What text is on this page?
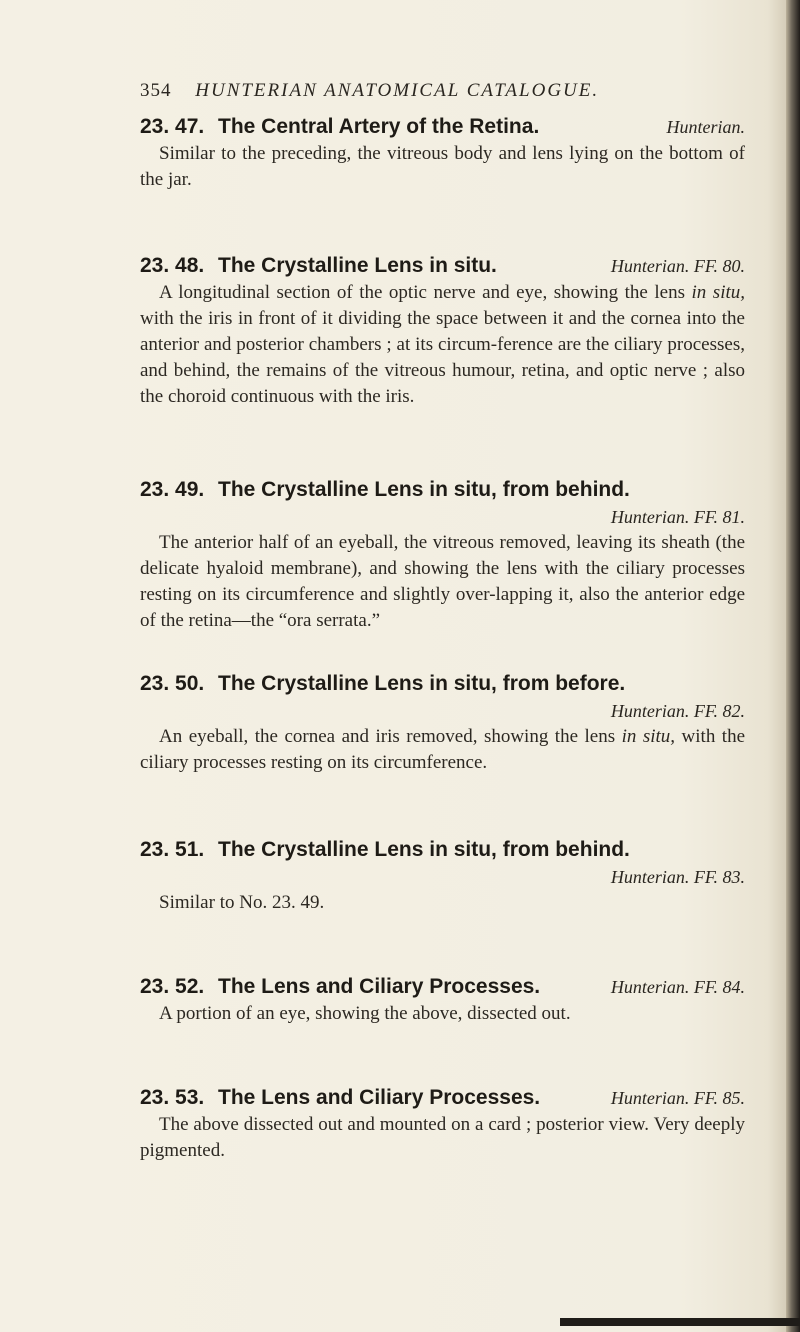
354 HUNTERIAN ANATOMICAL CATALOGUE.
23. 47. The Central Artery of the Retina.	Hunterian.
Similar to the preceding, the vitreous body and lens lying on the bottom of the jar.
23. 48. The Crystalline Lens in situ.	Hunterian. FF. 80.
A longitudinal section of the optic nerve and eye, showing the lens in situ, with the iris in front of it dividing the space between it and the cornea into the anterior and posterior chambers ; at its circum-ference are the ciliary processes, and behind, the remains of the vitreous humour, retina, and optic nerve ; also the choroid continuous with the iris.
23. 49. The Crystalline Lens in situ, from behind.
Hunterian. FF. 81.
The anterior half of an eyeball, the vitreous removed, leaving its sheath (the delicate hyaloid membrane), and showing the lens with the ciliary processes resting on its circumference and slightly over-lapping it, also the anterior edge of the retina—the “ora serrata.”
23. 50. The Crystalline Lens in situ, from before.
Hunterian. FF. 82.
An eyeball, the cornea and iris removed, showing the lens in situ, with the ciliary processes resting on its circumference.
23. 51. The Crystalline Lens in situ, from behind.
Hunterian. FF. 83.
Similar to No. 23. 49.
23. 52. The Lens and Ciliary Processes.	Hunterian. FF. 84.
A portion of an eye, showing the above, dissected out.
23. 53. The Lens and Ciliary Processes.	Hunterian. FF. 85.
The above dissected out and mounted on a card ; posterior view. Very deeply pigmented.
